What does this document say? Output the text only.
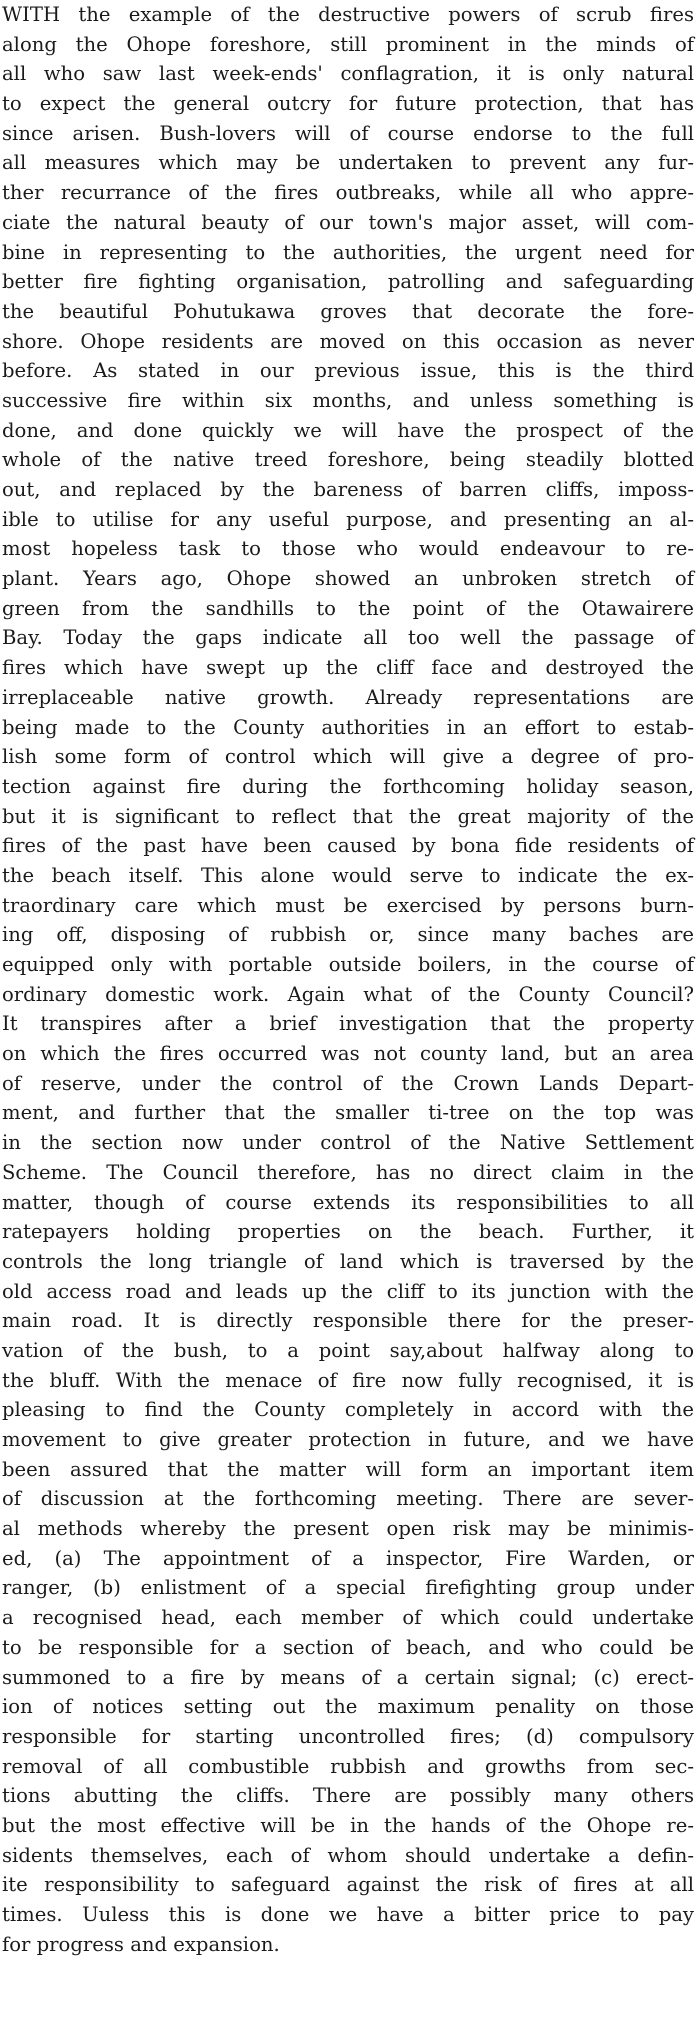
WITH the example of the destructive powers of scrub fires
along the Ohope foreshore, still prominent in the minds of
all who saw last week-ends' conflagration, it is only natural
to expect the general outcry for future protection, that has
since arisen. Bush-lovers will of course endorse to the full
all measures which may be undertaken to prevent any fur-
ther recurrance of the fires outbreaks, while all who appre-
ciate the natural beauty of our town's major asset, will com-
bine in representing to the authorities, the urgent need for
better fire fighting organisation, patrolling and safeguarding
the beautiful Pohutukawa groves that decorate the fore-
shore. Ohope residents are moved on this occasion as never
before. As stated in our previous issue, this is the third
successive fire within six months, and unless something is
done, and done quickly we will have the prospect of the
whole of the native treed foreshore, being steadily blotted
out, and replaced by the bareness of barren cliffs, imposs-
ible to utilise for any useful purpose, and presenting an al-
most hopeless task to those who would endeavour to re-
plant. Years ago, Ohope showed an unbroken stretch of
green from the sandhills to the point of the Otawairere
Bay. Today the gaps indicate all too well the passage of
fires which have swept up the cliff face and destroyed the
irreplaceable native growth. Already representations are
being made to the County authorities in an effort to estab-
lish some form of control which will give a degree of pro-
tection against fire during the forthcoming holiday season,
but it is significant to reflect that the great majority of the
fires of the past have been caused by bona fide residents of
the beach itself. This alone would serve to indicate the ex-
traordinary care which must be exercised by persons burn-
ing off, disposing of rubbish or, since many baches are
equipped only with portable outside boilers, in the course of
ordinary domestic work. Again what of the County Council?
It transpires after a brief investigation that the property
on which the fires occurred was not county land, but an area
of reserve, under the control of the Crown Lands Depart-
ment, and further that the smaller ti-tree on the top was
in the section now under control of the Native Settlement
Scheme. The Council therefore, has no direct claim in the
matter, though of course extends its responsibilities to all
ratepayers holding properties on the beach. Further, it
controls the long triangle of land which is traversed by the
old access road and leads up the cliff to its junction with the
main road. It is directly responsible there for the preser-
vation of the bush, to a point say,about halfway along to
the bluff. With the menace of fire now fully recognised, it is
pleasing to find the County completely in accord with the
movement to give greater protection in future, and we have
been assured that the matter will form an important item
of discussion at the forthcoming meeting. There are sever-
al methods whereby the present open risk may be minimis-
ed, (a) The appointment of a inspector, Fire Warden, or
ranger, (b) enlistment of a special firefighting group under
a recognised head, each member of which could undertake
to be responsible for a section of beach, and who could be
summoned to a fire by means of a certain signal; (c) erect-
ion of notices setting out the maximum penality on those
responsible for starting uncontrolled fires; (d) compulsory
removal of all combustible rubbish and growths from sec-
tions abutting the cliffs. There are possibly many others
but the most effective will be in the hands of the Ohope re-
sidents themselves, each of whom should undertake a defin-
ite responsibility to safeguard against the risk of fires at all
times. Uuless this is done we have a bitter price to pay
for progress and expansion.
